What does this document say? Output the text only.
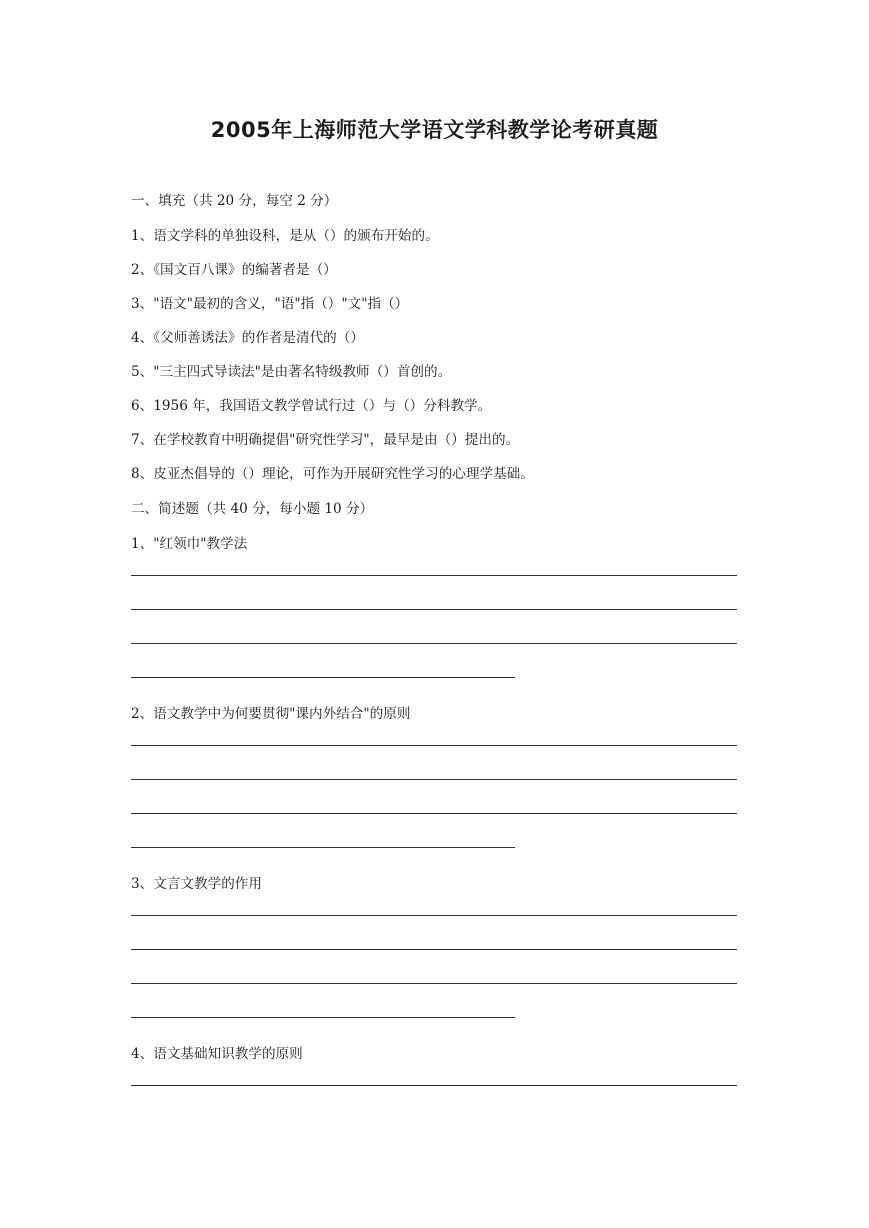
2005年上海师范大学语文学科教学论考研真题
一、填充（共 20 分，每空 2 分）
1、语文学科的单独设科，是从（）的颁布开始的。
2、《国文百八课》的编著者是（）
3、"语文"最初的含义，"语"指（）"文"指（）
4、《父师善诱法》的作者是清代的（）
5、"三主四式导读法"是由著名特级教师（）首创的。
6、1956 年，我国语文教学曾试行过（）与（）分科教学。
7、在学校教育中明确提倡"研究性学习"，最早是由（）提出的。
8、皮亚杰倡导的（）理论，可作为开展研究性学习的心理学基础。
二、简述题（共 40 分，每小题 10 分）
1、"红领巾"教学法
2、语文教学中为何要贯彻"课内外结合"的原则
3、文言文教学的作用
4、语文基础知识教学的原则
